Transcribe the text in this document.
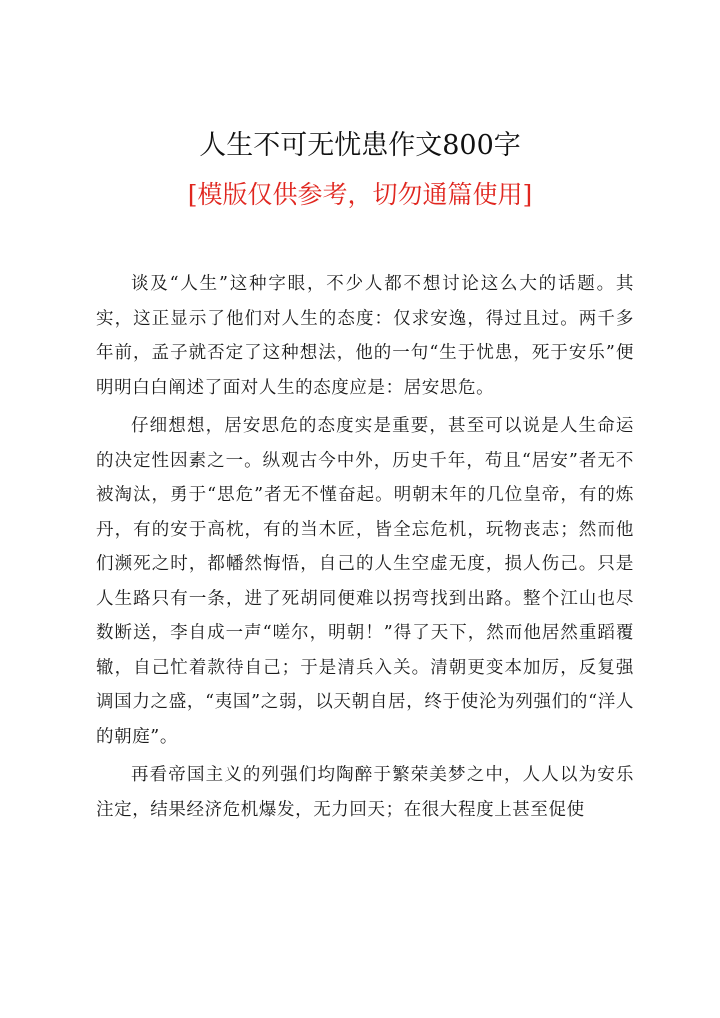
人生不可无忧患作文800字
[模版仅供参考，切勿通篇使用]

谈及“人生”这种字眼，不少人都不想讨论这么大的话题。其实，这正显示了他们对人生的态度：仅求安逸，得过且过。两千多年前，孟子就否定了这种想法，他的一句“生于忧患，死于安乐”便明明白白阐述了面对人生的态度应是：居安思危。

仔细想想，居安思危的态度实是重要，甚至可以说是人生命运的决定性因素之一。纵观古今中外，历史千年，苟且“居安”者无不被淘汰，勇于“思危”者无不慬奋起。明朝末年的几位皇帝，有的炼丹，有的安于高枕，有的当木匠，皆全忘危机，玩物丧志；然而他们濒死之时，都幡然悔悟，自己的人生空虚无度，损人伤己。只是人生路只有一条，进了死胡同便难以拐弯找到出路。整个江山也尽数断送，李自成一声“嗟尔，明朝！”得了天下，然而他居然重蹈覆辙，自己忙着款待自己；于是清兵入关。清朝更变本加厉，反复强调国力之盛，“夷国”之弱，以天朝自居，终于使沦为列强们的“洋人的朝庭”。

再看帝国主义的列强们均陶醉于繁荣美梦之中，人人以为安乐注定，结果经济危机爆发，无力回天；在很大程度上甚至促使
